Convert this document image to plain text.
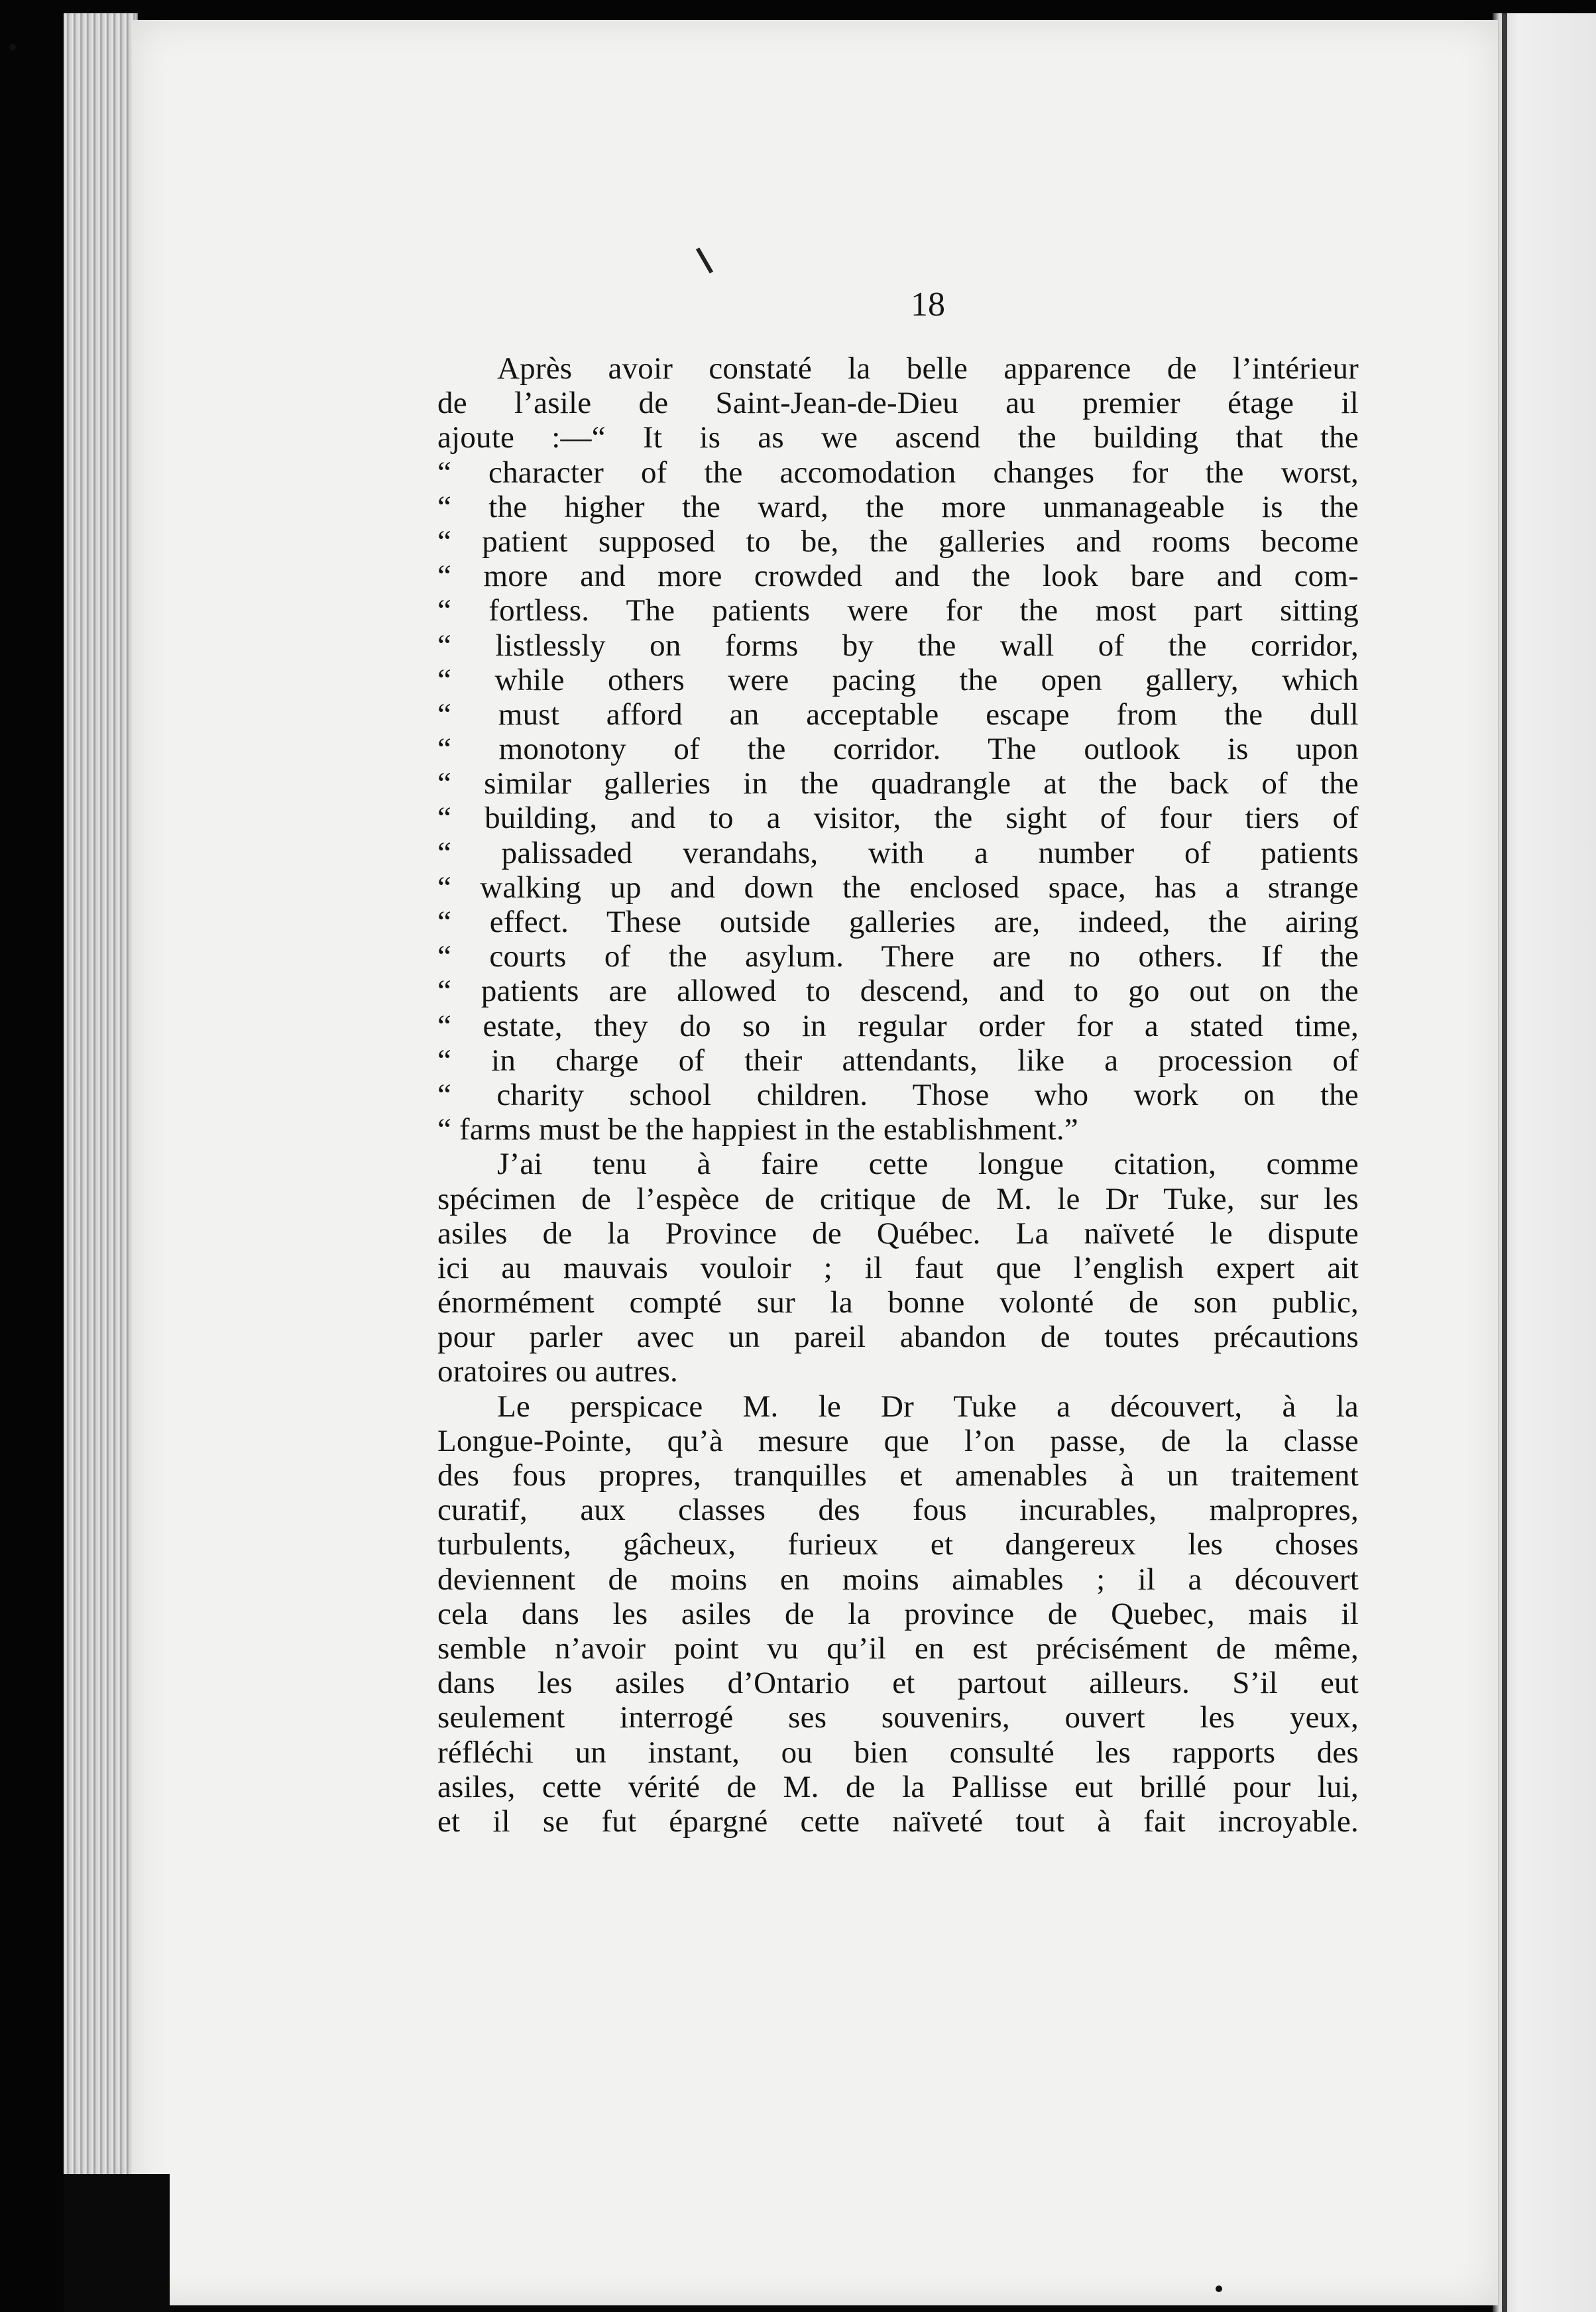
18
Après avoir constaté la belle apparence de l’intérieur
de l’asile de Saint-Jean-de-Dieu au premier étage il
ajoute :—“ It is as we ascend the building that the
“ character of the accomodation changes for the worst,
“ the higher the ward, the more unmanageable is the
“ patient supposed to be, the galleries and rooms become
“ more and more crowded and the look bare and com-
“ fortless. The patients were for the most part sitting
“ listlessly on forms by the wall of the corridor,
“ while others were pacing the open gallery, which
“ must afford an acceptable escape from the dull
“ monotony of the corridor. The outlook is upon
“ similar galleries in the quadrangle at the back of the
“ building, and to a visitor, the sight of four tiers of
“ palissaded verandahs, with a number of patients
“ walking up and down the enclosed space, has a strange
“ effect. These outside galleries are, indeed, the airing
“ courts of the asylum. There are no others. If the
“ patients are allowed to descend, and to go out on the
“ estate, they do so in regular order for a stated time,
“ in charge of their attendants, like a procession of
“ charity school children. Those who work on the
“ farms must be the happiest in the establishment.”
J’ai tenu à faire cette longue citation, comme
spécimen de l’espèce de critique de M. le Dr Tuke, sur les
asiles de la Province de Québec. La naïveté le dispute
ici au mauvais vouloir ; il faut que l’english expert ait
énormément compté sur la bonne volonté de son public,
pour parler avec un pareil abandon de toutes précautions
oratoires ou autres.
Le perspicace M. le Dr Tuke a découvert, à la
Longue-Pointe, qu’à mesure que l’on passe, de la classe
des fous propres, tranquilles et amenables à un traitement
curatif, aux classes des fous incurables, malpropres,
turbulents, gâcheux, furieux et dangereux les choses
deviennent de moins en moins aimables ; il a découvert
cela dans les asiles de la province de Quebec, mais il
semble n’avoir point vu qu’il en est précisément de même,
dans les asiles d’Ontario et partout ailleurs. S’il eut
seulement interrogé ses souvenirs, ouvert les yeux,
réfléchi un instant, ou bien consulté les rapports des
asiles, cette vérité de M. de la Pallisse eut brillé pour lui,
et il se fut épargné cette naïveté tout à fait incroyable.
